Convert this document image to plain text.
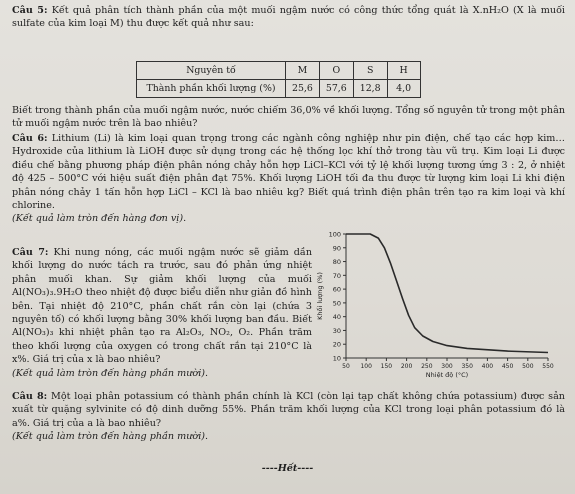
Câu 5: Kết quả phân tích thành phần của một muối ngậm nước có công thức tổng quát là X.nH₂O (X là muối sulfate của kim loại M) thu được kết quả như sau:
Nguyên tố	M	O	S	H
Thành phần khối lượng (%)	25,6	57,6	12,8	4,0
Biết trong thành phần của muối ngậm nước, nước chiếm 36,0% về khối lượng. Tổng số nguyên tử trong một phân tử muối ngậm nước trên là bao nhiêu?
Câu 6: Lithium (Li) là kim loại quan trọng trong các ngành công nghiệp như pin điện, chế tạo các hợp kim… Hydroxide của lithium là LiOH được sử dụng trong các hệ thống lọc khí thở trong tàu vũ trụ. Kim loại Li được điều chế bằng phương pháp điện phân nóng chảy hỗn hợp LiCl–KCl với tỷ lệ khối lượng tương ứng 3 : 2, ở nhiệt độ 425 – 500°C với hiệu suất điện phân đạt 75%. Khối lượng LiOH tối đa thu được từ lượng kim loại Li khi điện phân nóng chảy 1 tấn hỗn hợp LiCl – KCl là bao nhiêu kg? Biết quá trình điện phân trên tạo ra kim loại và khí chlorine.
(Kết quả làm tròn đến hàng đơn vị).
Câu 7: Khi nung nóng, các muối ngậm nước sẽ giảm dần khối lượng do nước tách ra trước, sau đó phản ứng nhiệt phân muối khan. Sự giảm khối lượng của muối Al(NO₃)₃.9H₂O theo nhiệt độ được biểu diễn như giản đồ hình bên. Tại nhiệt độ 210°C, phần chất rắn còn lại (chứa 3 nguyên tố) có khối lượng bằng 30% khối lượng ban đầu. Biết Al(NO₃)₃ khi nhiệt phân tạo ra Al₂O₃, NO₂, O₂. Phần trăm theo khối lượng của oxygen có trong chất rắn tại 210°C là x%. Giá trị của x là bao nhiêu?
(Kết quả làm tròn đến hàng phần mười).
10
20
30
40
50
60
70
80
90
100
50 100 150 200 250 300 350 400 450 500 550
Nhiệt độ (°C)
Khối lượng (%)
Câu 8: Một loại phân potassium có thành phần chính là KCl (còn lại tạp chất không chứa potassium) được sản xuất từ quặng sylvinite có độ dinh dưỡng 55%. Phần trăm khối lượng của KCl trong loại phân potassium đó là a%. Giá trị của a là bao nhiêu?
(Kết quả làm tròn đến hàng phần mười).
----Hết----
